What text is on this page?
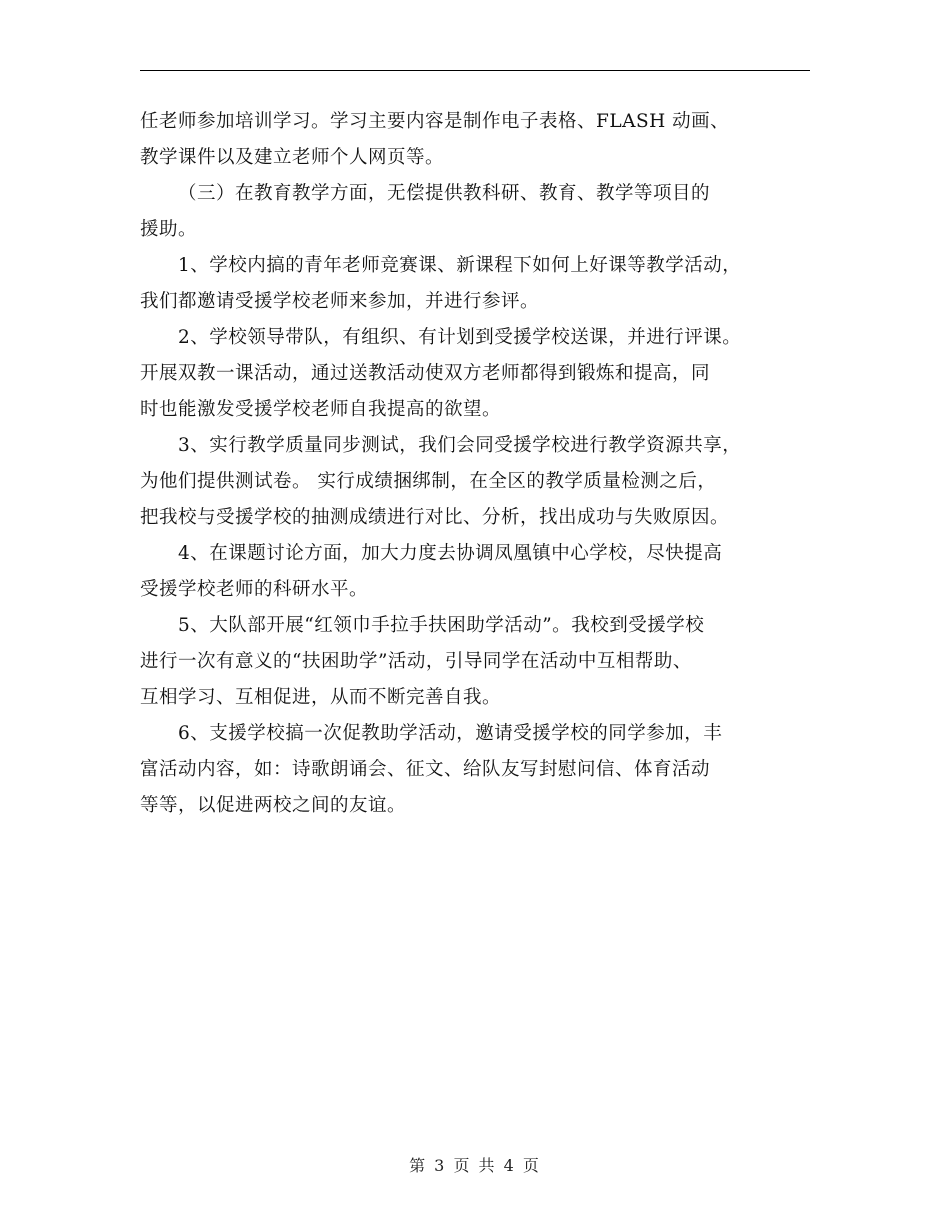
任老师参加培训学习。学习主要内容是制作电子表格、FLASH 动画、
教学课件以及建立老师个人网页等。
（三）在教育教学方面，无偿提供教科研、教育、教学等项目的
援助。
1、学校内搞的青年老师竞赛课、新课程下如何上好课等教学活动，
我们都邀请受援学校老师来参加，并进行参评。
2、学校领导带队，有组织、有计划到受援学校送课，并进行评课。
开展双教一课活动，通过送教活动使双方老师都得到锻炼和提高，同
时也能激发受援学校老师自我提高的欲望。
3、实行教学质量同步测试，我们会同受援学校进行教学资源共享，
为他们提供测试卷。 实行成绩捆绑制，在全区的教学质量检测之后，
把我校与受援学校的抽测成绩进行对比、分析，找出成功与失败原因。
4、在课题讨论方面，加大力度去协调凤凰镇中心学校，尽快提高
受援学校老师的科研水平。
5、大队部开展“红领巾手拉手扶困助学活动”。我校到受援学校
进行一次有意义的“扶困助学”活动，引导同学在活动中互相帮助、
互相学习、互相促进，从而不断完善自我。
6、支援学校搞一次促教助学活动，邀请受援学校的同学参加，丰
富活动内容，如：诗歌朗诵会、征文、给队友写封慰问信、体育活动
等等，以促进两校之间的友谊。
第 3 页 共 4 页
